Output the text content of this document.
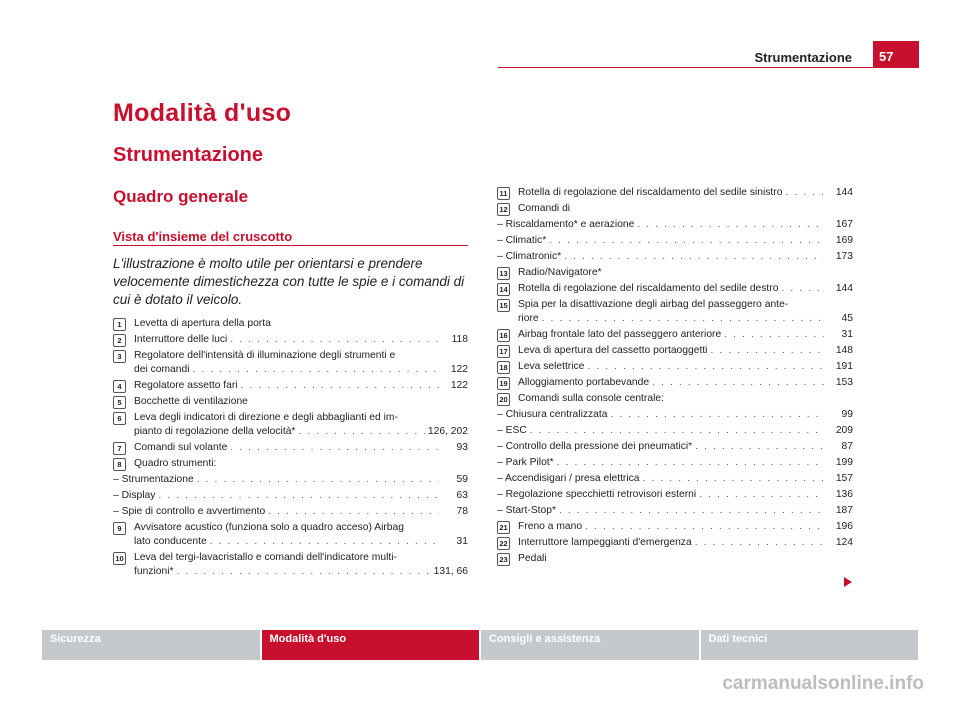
Strumentazione	57
Modalità d'uso
Strumentazione
Quadro generale
Vista d'insieme del cruscotto
L'illustrazione è molto utile per orientarsi e prendere velocemente dimestichezza con tutte le spie e i comandi di cui è dotato il veicolo.
1	Levetta di apertura della porta
2	Interruttore delle luci . . .	118
3	Regolatore dell'intensità di illuminazione degli strumenti e
dei comandi . . .	122
4	Regolatore assetto fari . . .	122
5	Bocchette di ventilazione
6	Leva degli indicatori di direzione e degli abbaglianti ed im-
pianto di regolazione della velocità* . . .	126, 202
7	Comandi sul volante . . .	93
8	Quadro strumenti:
– Strumentazione . . .	59
– Display . . .	63
– Spie di controllo e avvertimento . . .	78
9	Avvisatore acustico (funziona solo a quadro acceso) Airbag
lato conducente . . .	31
10 Leva del tergi-lavacristallo e comandi dell'indicatore multi-
funzioni* . . .	131, 66
11 Rotella di regolazione del riscaldamento del sedile sinistro . . .	144
12 Comandi di
– Riscaldamento* e aerazione . . .	167
– Climatic* . . .	169
– Climatronic* . . .	173
13 Radio/Navigatore*
14 Rotella di regolazione del riscaldamento del sedile destro . . .	144
15 Spia per la disattivazione degli airbag del passeggero ante-
riore . . .	45
16 Airbag frontale lato del passeggero anteriore . . .	31
17 Leva di apertura del cassetto portaoggetti . . .	148
18 Leva selettrice . . .	191
19 Alloggiamento portabevande . . .	153
20 Comandi sulla console centrale:
– Chiusura centralizzata . . .	99
– ESC . . .	209
– Controllo della pressione dei pneumatici* . . .	87
– Park Pilot* . . .	199
– Accendisigari / presa elettrica . . .	157
– Regolazione specchietti retrovisori esterni . . .	136
– Start-Stop* . . .	187
21 Freno a mano . . .	196
22 Interruttore lampeggianti d'emergenza . . .	124
23 Pedali
Sicurezza	Modalità d'uso	Consigli e assistenza	Dati tecnici
carmanualsonline.info
